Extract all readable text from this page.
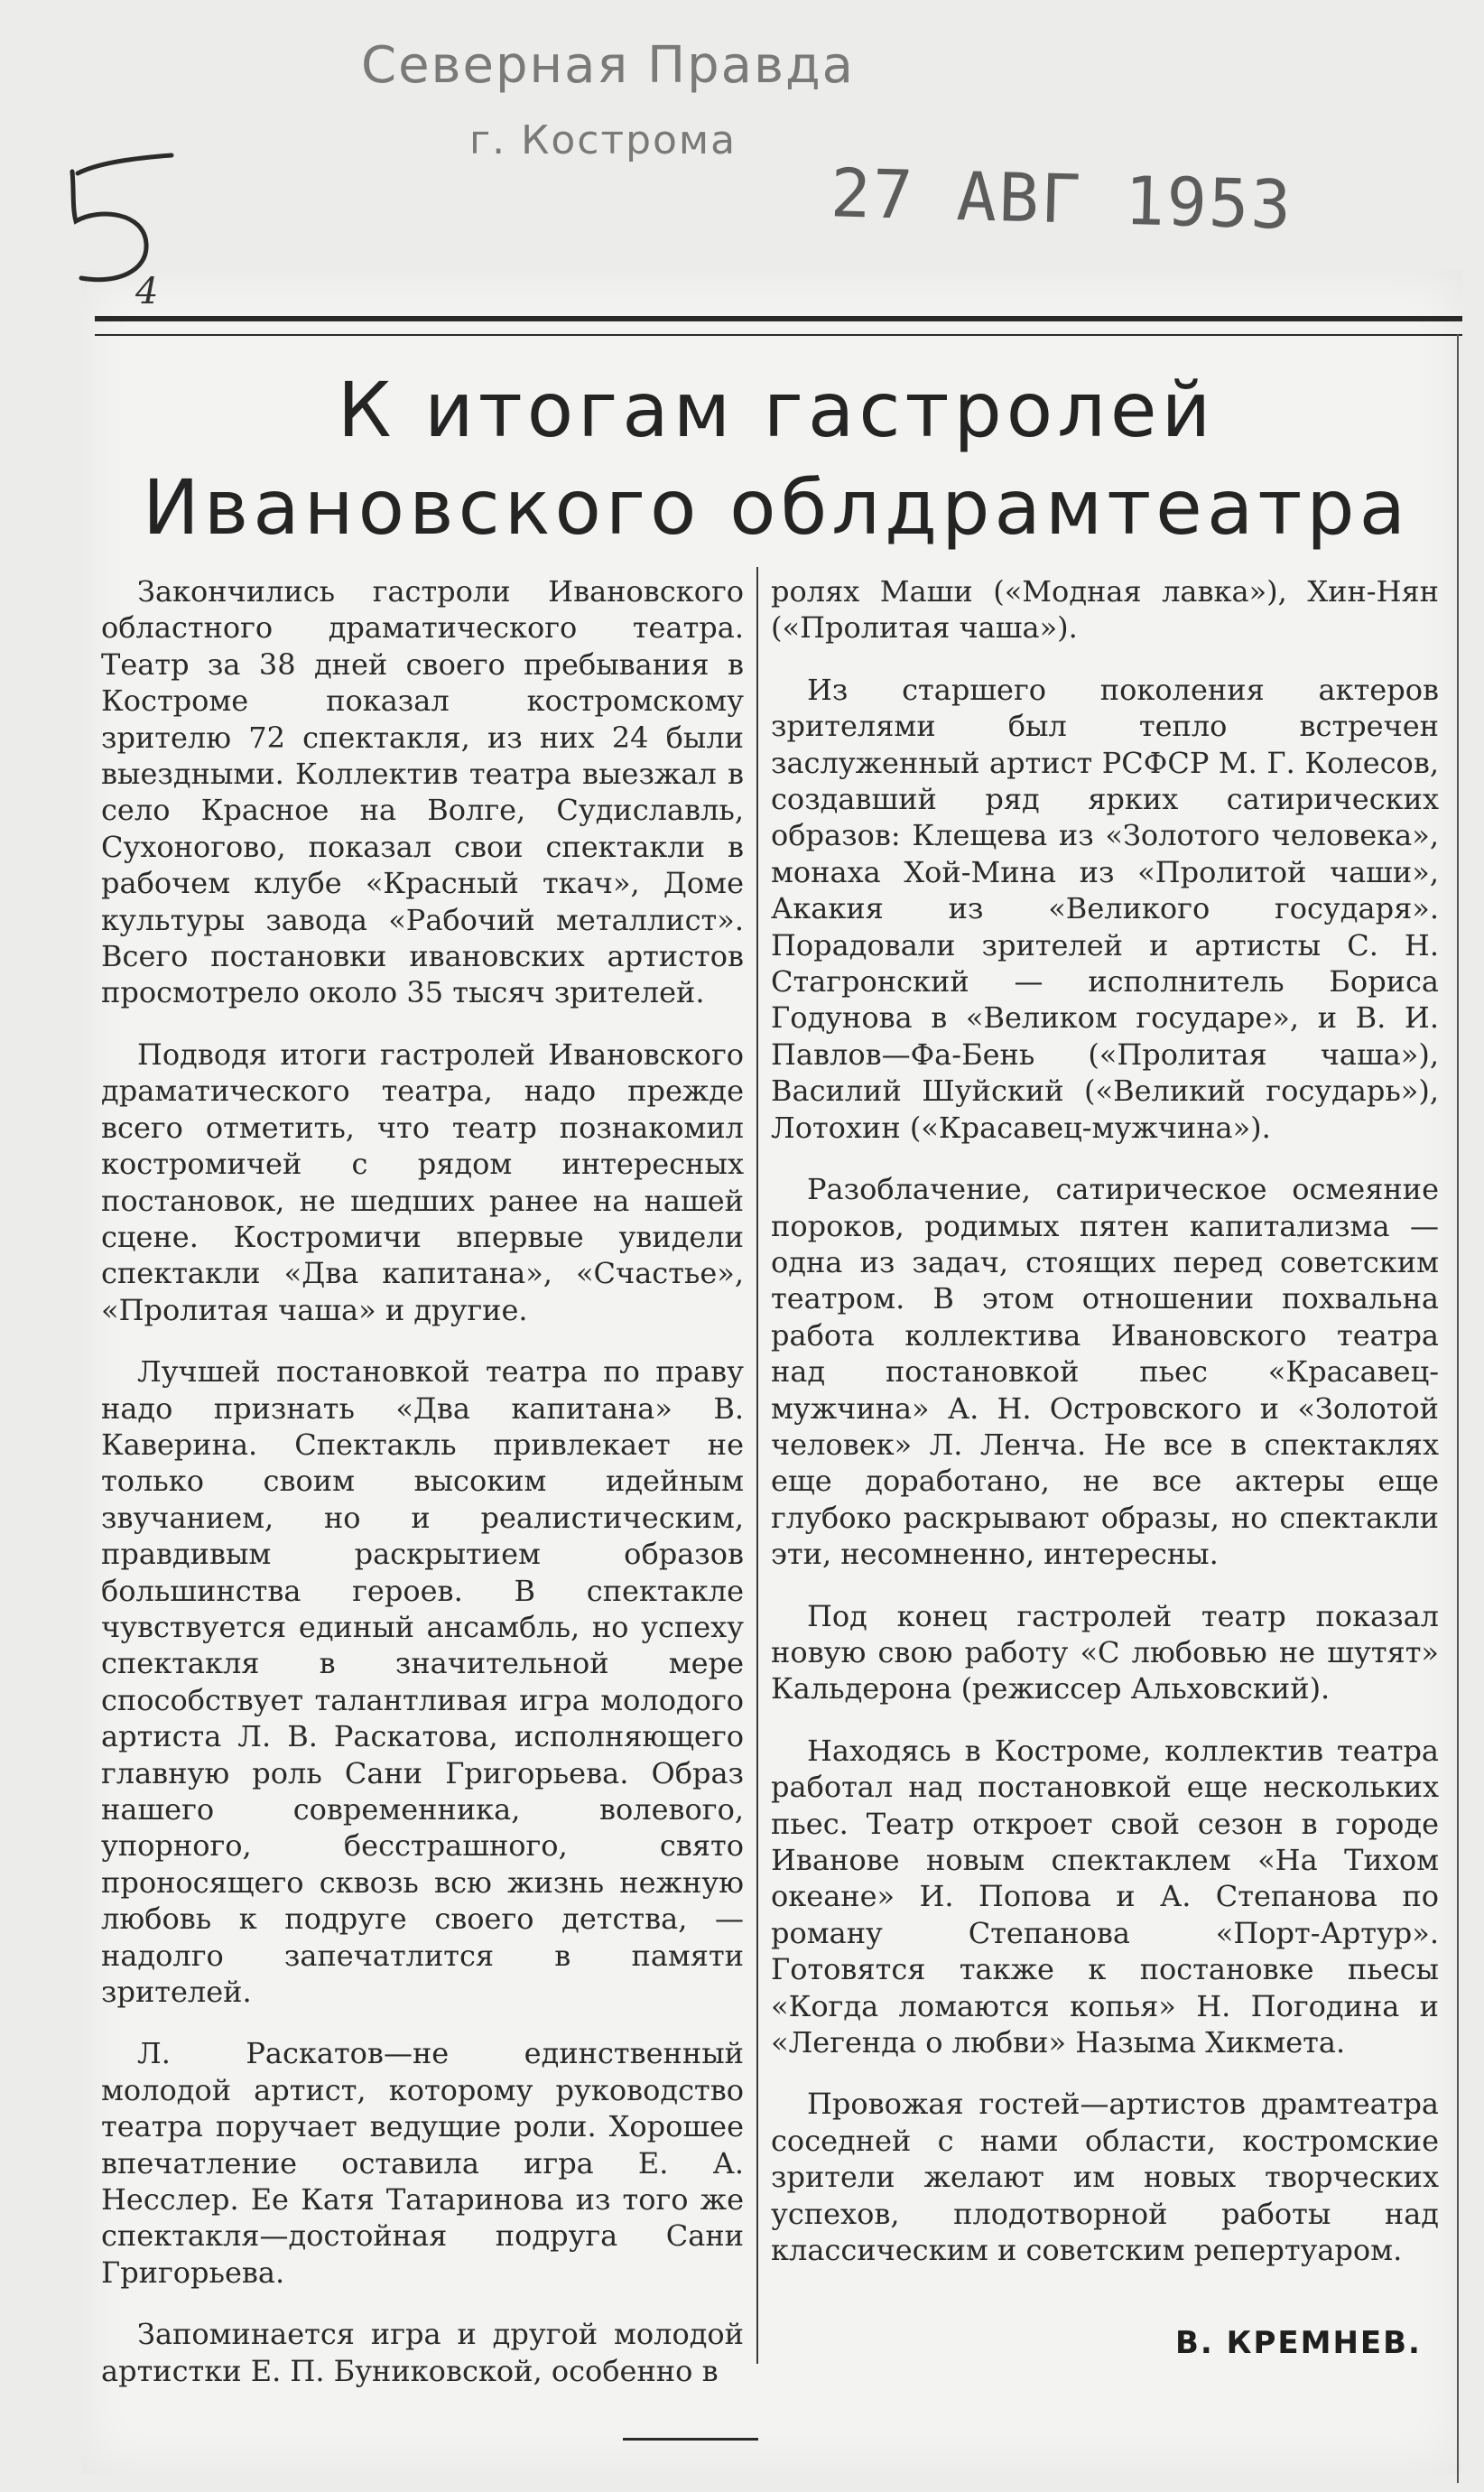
Северная Правда
г. Кострома
27 АВГ 1953
4
К итогам гастролей
Ивановского облдрамтеатра

Закончились гастроли Ивановского областного драматического театра. Театр за 38 дней своего пребывания в Костроме показал костромскому зрителю 72 спектакля, из них 24 были выездными. Коллектив театра выезжал в село Красное на Волге, Судиславль, Сухоногово, показал свои спектакли в рабочем клубе «Красный ткач», Доме культуры завода «Рабочий металлист». Всего постановки ивановских артистов просмотрело около 35 тысяч зрителей.

Подводя итоги гастролей Ивановского драматического театра, надо прежде всего отметить, что театр познакомил костромичей с рядом интересных постановок, не шедших ранее на нашей сцене. Костромичи впервые увидели спектакли «Два капитана», «Счастье», «Пролитая чаша» и другие.

Лучшей постановкой театра по праву надо признать «Два капитана» В. Каверина. Спектакль привлекает не только своим высоким идейным звучанием, но и реалистическим, правдивым раскрытием образов большинства героев. В спектакле чувствуется единый ансамбль, но успеху спектакля в значительной мере способствует талантливая игра молодого артиста Л. В. Раскатова, исполняющего главную роль Сани Григорьева. Образ нашего современника, волевого, упорного, бесстрашного, свято проносящего сквозь всю жизнь нежную любовь к подруге своего детства, — надолго запечатлится в памяти зрителей.

Л. Раскатов—не единственный молодой артист, которому руководство театра поручает ведущие роли. Хорошее впечатление оставила игра Е. А. Несслер. Ее Катя Татаринова из того же спектакля—достойная подруга Сани Григорьева.

Запоминается игра и другой молодой артистки Е. П. Буниковской, особенно в

ролях Маши («Модная лавка»), Хин-Нян («Пролитая чаша»).

Из старшего поколения актеров зрителями был тепло встречен заслуженный артист РСФСР М. Г. Колесов, создавший ряд ярких сатирических образов: Клещева из «Золотого человека», монаха Хой-Мина из «Пролитой чаши», Акакия из «Великого государя». Порадовали зрителей и артисты С. Н. Стагронский — исполнитель Бориса Годунова в «Великом государе», и В. И. Павлов—Фа-Бень («Пролитая чаша»), Василий Шуйский («Великий государь»), Лотохин («Красавец-мужчина»).

Разоблачение, сатирическое осмеяние пороков, родимых пятен капитализма — одна из задач, стоящих перед советским театром. В этом отношении похвальна работа коллектива Ивановского театра над постановкой пьес «Красавец-мужчина» А. Н. Островского и «Золотой человек» Л. Ленча. Не все в спектаклях еще доработано, не все актеры еще глубоко раскрывают образы, но спектакли эти, несомненно, интересны.

Под конец гастролей театр показал новую свою работу «С любовью не шутят» Кальдерона (режиссер Альховский).

Находясь в Костроме, коллектив театра работал над постановкой еще нескольких пьес. Театр откроет свой сезон в городе Иванове новым спектаклем «На Тихом океане» И. Попова и А. Степанова по роману Степанова «Порт-Артур». Готовятся также к постановке пьесы «Когда ломаются копья» Н. Погодина и «Легенда о любви» Назыма Хикмета.

Провожая гостей—артистов драмтеатра соседней с нами области, костромские зрители желают им новых творческих успехов, плодотворной работы над классическим и советским репертуаром.

В. КРЕМНЕВ.
